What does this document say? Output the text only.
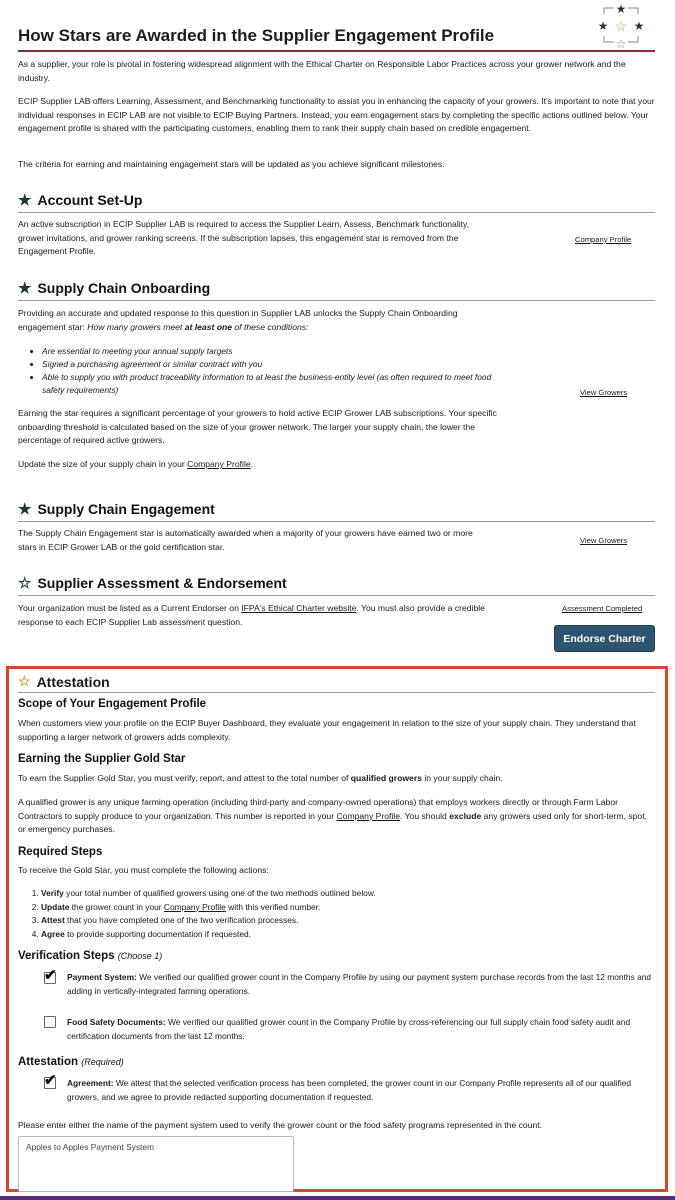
How Stars are Awarded in the Supplier Engagement Profile
★
★ ★
☆
☆

As a supplier, your role is pivotal in fostering widespread alignment with the Ethical Charter on Responsible Labor Practices across your grower network and the industry.

ECIP Supplier LAB offers Learning, Assessment, and Benchmarking functionality to assist you in enhancing the capacity of your growers. It's important to note that your individual responses in ECIP LAB are not visible to ECIP Buying Partners. Instead, you earn engagement stars by completing the specific actions outlined below. Your engagement profile is shared with the participating customers, enabling them to rank their supply chain based on credible engagement.

The criteria for earning and maintaining engagement stars will be updated as you achieve significant milestones.

★ Account Set-Up

An active subscription in ECIP Supplier LAB is required to access the Supplier Learn, Assess, Benchmark functionality, grower invitations, and grower ranking screens. If the subscription lapses, this engagement star is removed from the Engagement Profile.

Company Profile
★ Supply Chain Onboarding

Providing an accurate and updated response to this question in Supplier LAB unlocks the Supply Chain Onboarding engagement star: How many growers meet at least one of these conditions:

• Are essential to meeting your annual supply targets
• Signed a purchasing agreement or similar contract with you
• Able to supply you with product traceability information to at least the business-entity level (as often required to meet food safety requirements)

Earning the star requires a significant percentage of your growers to hold active ECIP Grower LAB subscriptions. Your specific onboarding threshold is calculated based on the size of your grower network. The larger your supply chain, the lower the percentage of required active growers.

Update the size of your supply chain in your Company Profile.

View Growers
★ Supply Chain Engagement

The Supply Chain Engagement star is automatically awarded when a majority of your growers have earned two or more stars in ECIP Grower LAB or the gold certification star.

View Growers
☆ Supplier Assessment & Endorsement

Your organization must be listed as a Current Endorser on IFPA's Ethical Charter website. You must also provide a credible response to each ECIP Supplier Lab assessment question.

Assessment Completed
Endorse Charter
☆ Attestation
Scope of Your Engagement Profile

When customers view your profile on the ECIP Buyer Dashboard, they evaluate your engagement in relation to the size of your supply chain. They understand that supporting a larger network of growers adds complexity.

Earning the Supplier Gold Star

To earn the Supplier Gold Star, you must verify, report, and attest to the total number of qualified growers in your supply chain.

A qualified grower is any unique farming operation (including third-party and company-owned operations) that employs workers directly or through Farm Labor Contractors to supply produce to your organization. This number is reported in your Company Profile. You should exclude any growers used only for short-term, spot, or emergency purchases.

Required Steps

To receive the Gold Star, you must complete the following actions:

1. Verify your total number of qualified growers using one of the two methods outlined below.
2. Update the grower count in your Company Profile with this verified number.
3. Attest that you have completed one of the two verification processes.
4. Agree to provide supporting documentation if requested.
Verification Steps (Choose 1)
✔ Payment System: We verified our qualified grower count in the Company Profile by using our payment system purchase records from the last 12 months and adding in vertically-integrated farming operations.

Food Safety Documents: We verified our qualified grower count in the Company Profile by cross-referencing our full supply chain food safety audit and certification documents from the last 12 months.

Attestation (Required)
✔ Agreement: We attest that the selected verification process has been completed, the grower count in our Company Profile represents all of our qualified growers, and we agree to provide redacted supporting documentation if requested.

Please enter either the name of the payment system used to verify the grower count or the food safety programs represented in the count.

Apples to Apples Payment System
